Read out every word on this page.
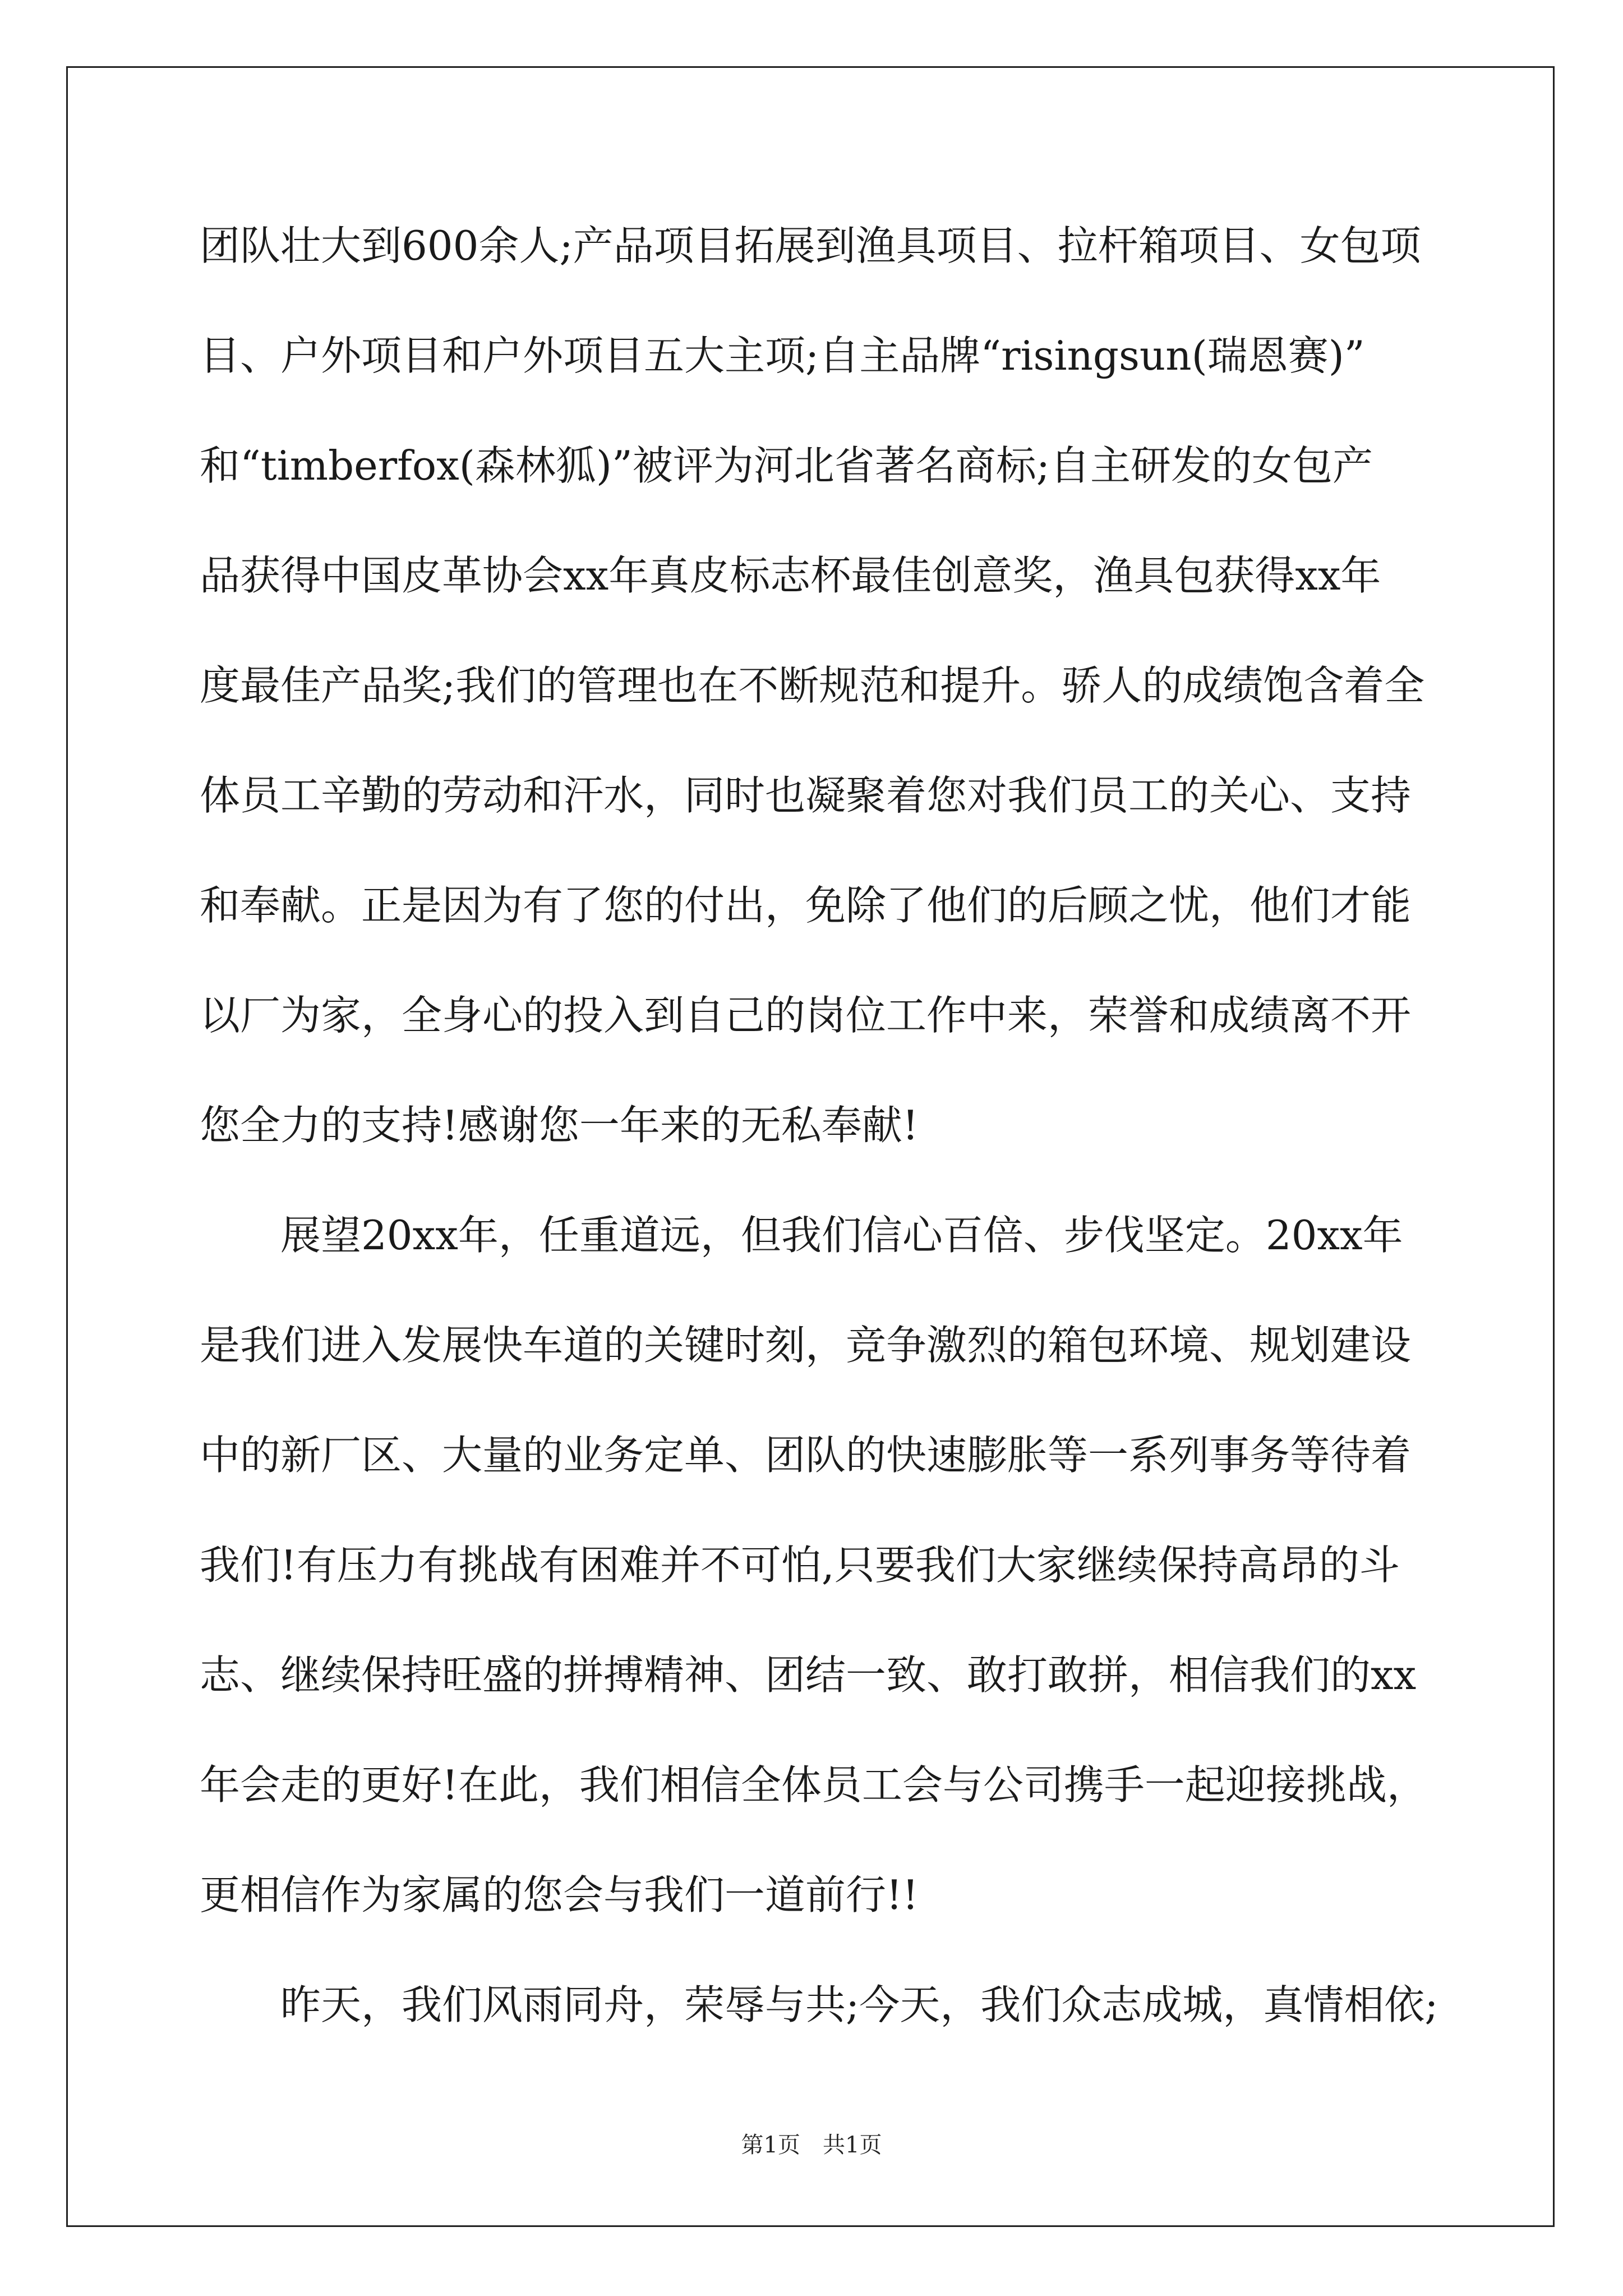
团队壮大到600余人;产品项目拓展到渔具项目、拉杆箱项目、女包项
目、户外项目和户外项目五大主项;自主品牌“risingsun(瑞恩赛)”
和“timberfox(森林狐)”被评为河北省著名商标;自主研发的女包产
品获得中国皮革协会xx年真皮标志杯最佳创意奖，渔具包获得xx年
度最佳产品奖;我们的管理也在不断规范和提升。骄人的成绩饱含着全
体员工辛勤的劳动和汗水，同时也凝聚着您对我们员工的关心、支持
和奉献。正是因为有了您的付出，免除了他们的后顾之忧，他们才能
以厂为家，全身心的投入到自己的岗位工作中来，荣誉和成绩离不开
您全力的支持!感谢您一年来的无私奉献!
展望20xx年，任重道远，但我们信心百倍、步伐坚定。20xx年
是我们进入发展快车道的关键时刻，竞争激烈的箱包环境、规划建设
中的新厂区、大量的业务定单、团队的快速膨胀等一系列事务等待着
我们!有压力有挑战有困难并不可怕,只要我们大家继续保持高昂的斗
志、继续保持旺盛的拼搏精神、团结一致、敢打敢拼，相信我们的xx
年会走的更好!在此，我们相信全体员工会与公司携手一起迎接挑战，
更相信作为家属的您会与我们一道前行!!
昨天，我们风雨同舟，荣辱与共;今天，我们众志成城，真情相依;
第1页 共1页
